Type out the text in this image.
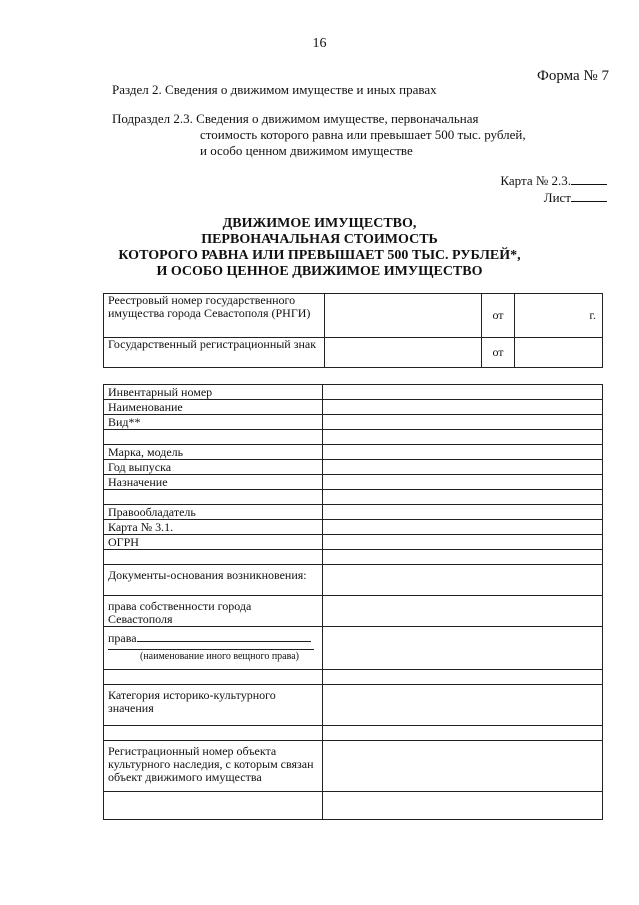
16
Форма № 7
Раздел 2. Сведения о движимом имуществе и иных правах
Подраздел 2.3. Сведения о движимом имуществе, первоначальная
стоимость которого равна или превышает 500 тыс. рублей,
и особо ценном движимом имуществе
Карта № 2.3.
Лист
ДВИЖИМОЕ ИМУЩЕСТВО,
ПЕРВОНАЧАЛЬНАЯ СТОИМОСТЬ
КОТОРОГО РАВНА ИЛИ ПРЕВЫШАЕТ 500 ТЫС. РУБЛЕЙ*,
И ОСОБО ЦЕННОЕ ДВИЖИМОЕ ИМУЩЕСТВО
Реестровый номер государственного имущества города Севастополя (РНГИ)		от	г.
Государственный регистрационный знак		от	
Инвентарный номер	
Наименование	
Вид**	

Марка, модель	
Год выпуска	
Назначение	

Правообладатель	
Карта № 3.1.	
ОГРН	

Документы-основания возникновения:	
права собственности города Севастополя	
права
(наименование иного вещного права)	

Категория историко-культурного значения	

Регистрационный номер объекта культурного наследия, с которым связан объект движимого имущества	
